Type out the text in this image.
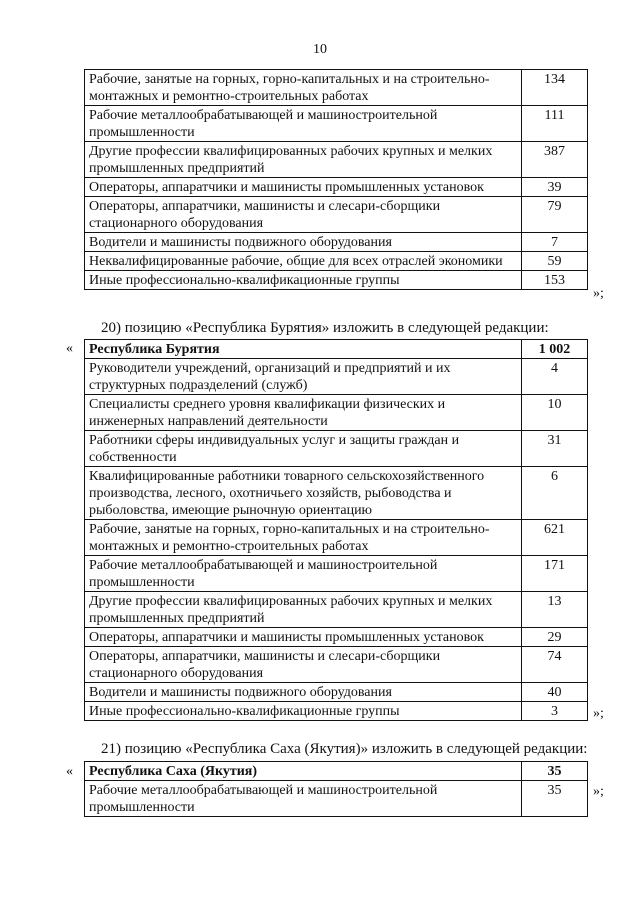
10
Рабочие, занятые на горных, горно-капитальных и на строительно-монтажных и ремонтно-строительных работах	134
Рабочие металлообрабатывающей и машиностроительной промышленности	111
Другие профессии квалифицированных рабочих крупных и мелких промышленных предприятий	387
Операторы, аппаратчики и машинисты промышленных установок	39
Операторы, аппаратчики, машинисты и слесари-сборщики стационарного оборудования	79
Водители и машинисты подвижного оборудования	7
Неквалифицированные рабочие, общие для всех отраслей экономики	59
Иные профессионально-квалификационные группы	153
»;
20) позицию «Республика Бурятия» изложить в следующей редакции:
« Республика Бурятия	1 002
Руководители учреждений, организаций и предприятий и их структурных подразделений (служб)	4
Специалисты среднего уровня квалификации физических и инженерных направлений деятельности	10
Работники сферы индивидуальных услуг и защиты граждан и собственности	31
Квалифицированные работники товарного сельскохозяйственного производства, лесного, охотничьего хозяйств, рыбоводства и рыболовства, имеющие рыночную ориентацию	6
Рабочие, занятые на горных, горно-капитальных и на строительно-монтажных и ремонтно-строительных работах	621
Рабочие металлообрабатывающей и машиностроительной промышленности	171
Другие профессии квалифицированных рабочих крупных и мелких промышленных предприятий	13
Операторы, аппаратчики и машинисты промышленных установок	29
Операторы, аппаратчики, машинисты и слесари-сборщики стационарного оборудования	74
Водители и машинисты подвижного оборудования	40
Иные профессионально-квалификационные группы	3	»;
21) позицию «Республика Саха (Якутия)» изложить в следующей редакции:
« Республика Саха (Якутия)	35
Рабочие металлообрабатывающей и машиностроительной промышленности	35 »;
